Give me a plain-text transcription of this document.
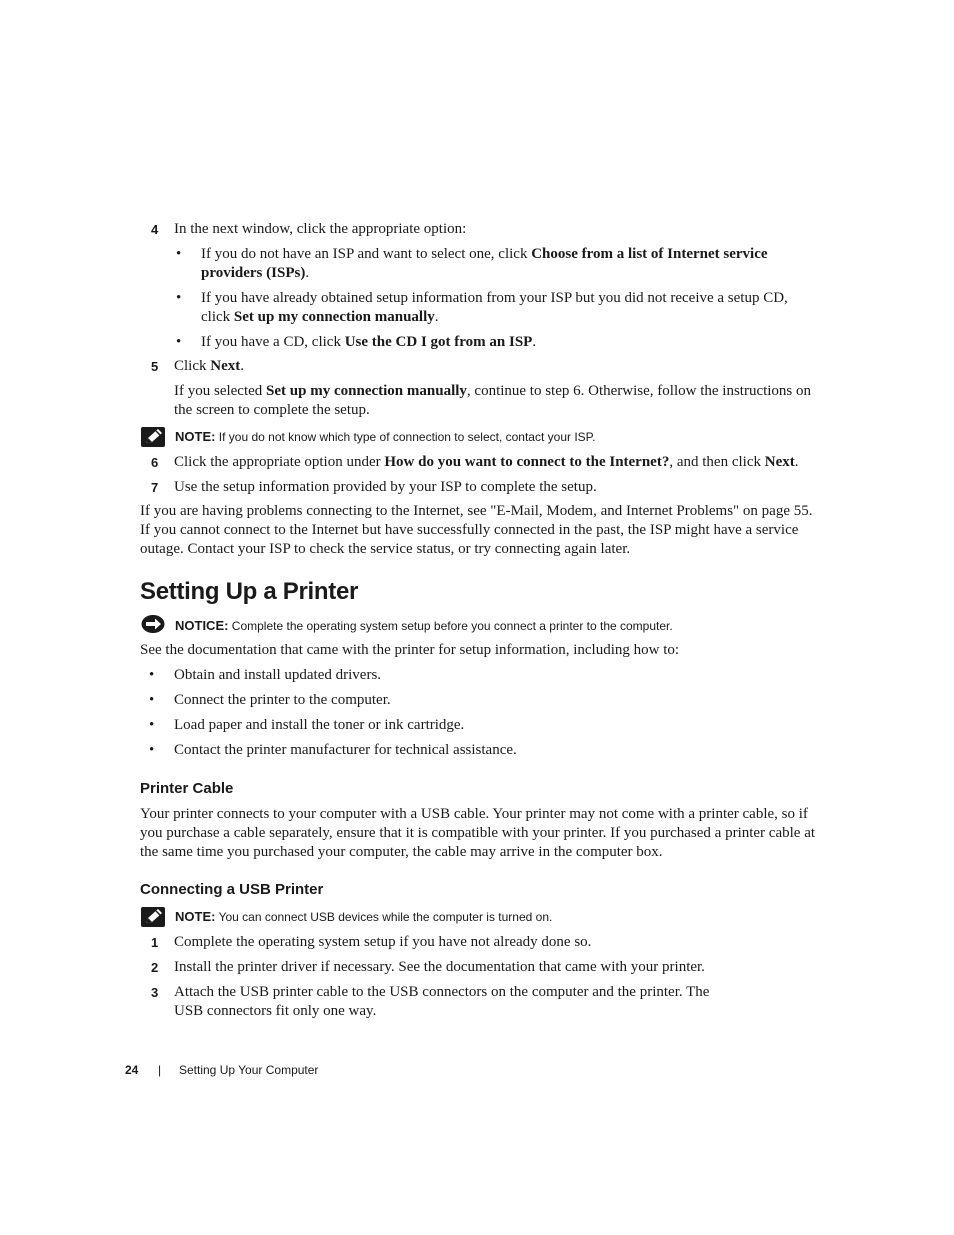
4 In the next window, click the appropriate option:
• If you do not have an ISP and want to select one, click Choose from a list of Internet service providers (ISPs).
• If you have already obtained setup information from your ISP but you did not receive a setup CD, click Set up my connection manually.
• If you have a CD, click Use the CD I got from an ISP.
5 Click Next.
If you selected Set up my connection manually, continue to step 6. Otherwise, follow the instructions on the screen to complete the setup.
NOTE: If you do not know which type of connection to select, contact your ISP.
6 Click the appropriate option under How do you want to connect to the Internet?, and then click Next.
7 Use the setup information provided by your ISP to complete the setup.
If you are having problems connecting to the Internet, see "E-Mail, Modem, and Internet Problems" on page 55. If you cannot connect to the Internet but have successfully connected in the past, the ISP might have a service outage. Contact your ISP to check the service status, or try connecting again later.
Setting Up a Printer
NOTICE: Complete the operating system setup before you connect a printer to the computer.
See the documentation that came with the printer for setup information, including how to:
• Obtain and install updated drivers.
• Connect the printer to the computer.
• Load paper and install the toner or ink cartridge.
• Contact the printer manufacturer for technical assistance.
Printer Cable
Your printer connects to your computer with a USB cable. Your printer may not come with a printer cable, so if you purchase a cable separately, ensure that it is compatible with your printer. If you purchased a printer cable at the same time you purchased your computer, the cable may arrive in the computer box.
Connecting a USB Printer
NOTE: You can connect USB devices while the computer is turned on.
1 Complete the operating system setup if you have not already done so.
2 Install the printer driver if necessary. See the documentation that came with your printer.
3 Attach the USB printer cable to the USB connectors on the computer and the printer. The USB connectors fit only one way.
24 | Setting Up Your Computer
